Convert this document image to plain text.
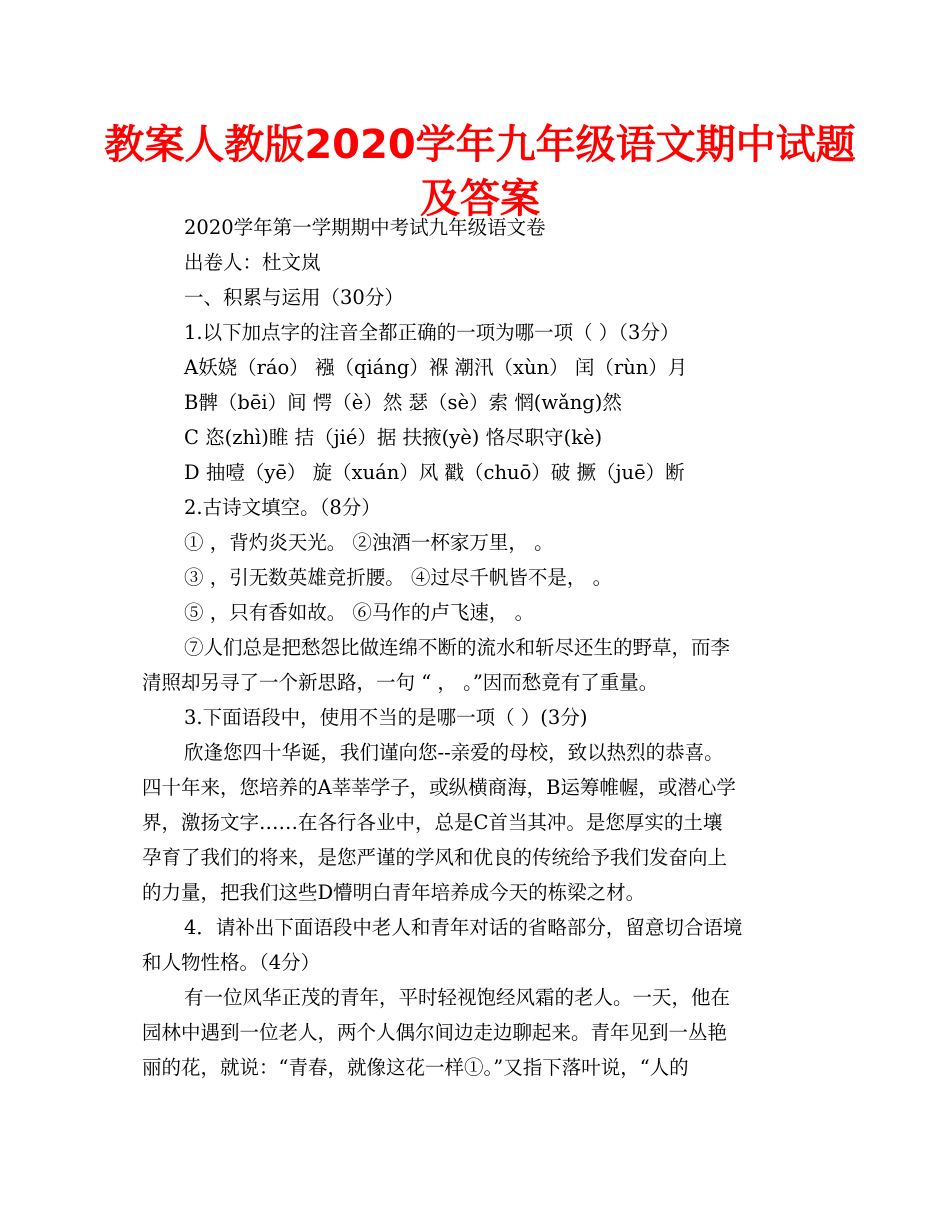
教案人教版2020学年九年级语文期中试题
及答案
2020学年第一学期期中考试九年级语文卷
出卷人：杜文岚
一、积累与运用（30分）
1.以下加点字的注音全都正确的一项为哪一项（ ）（3分）
A妖娆（ráo） 襁（qiáng）褓 潮汛（xùn） 闰（rùn）月
B髀（bēi）间 愕（è）然 瑟（sè）索 惘(wǎng)然
C 恣(zhì)睢 拮（jié）据 扶掖(yè) 恪尽职守(kè)
D 抽噎（yē） 旋（xuán）风 戳（chuō）破 撅（juē）断
2.古诗文填空。（8分）
① ，背灼炎天光。 ②浊酒一杯家万里， 。
③ ，引无数英雄竞折腰。 ④过尽千帆皆不是， 。
⑤ ，只有香如故。 ⑥马作的卢飞速， 。
⑦人们总是把愁怨比做连绵不断的流水和斩尽还生的野草，而李
清照却另寻了一个新思路，一句 “ ， 。”因而愁竟有了重量。
3.下面语段中，使用不当的是哪一项（ ）(3分)
欣逢您四十华诞，我们谨向您--亲爱的母校，致以热烈的恭喜。
四十年来，您培养的A莘莘学子，或纵横商海，B运筹帷幄，或潜心学
界，激扬文字……在各行各业中，总是C首当其冲。是您厚实的土壤
孕育了我们的将来，是您严谨的学风和优良的传统给予我们发奋向上
的力量，把我们这些D懵明白青年培养成今天的栋梁之材。
4．请补出下面语段中老人和青年对话的省略部分，留意切合语境
和人物性格。（4分）
有一位风华正茂的青年，平时轻视饱经风霜的老人。一天，他在
园林中遇到一位老人，两个人偶尔间边走边聊起来。青年见到一丛艳
丽的花，就说：“青春，就像这花一样①。”又指下落叶说，“人的
